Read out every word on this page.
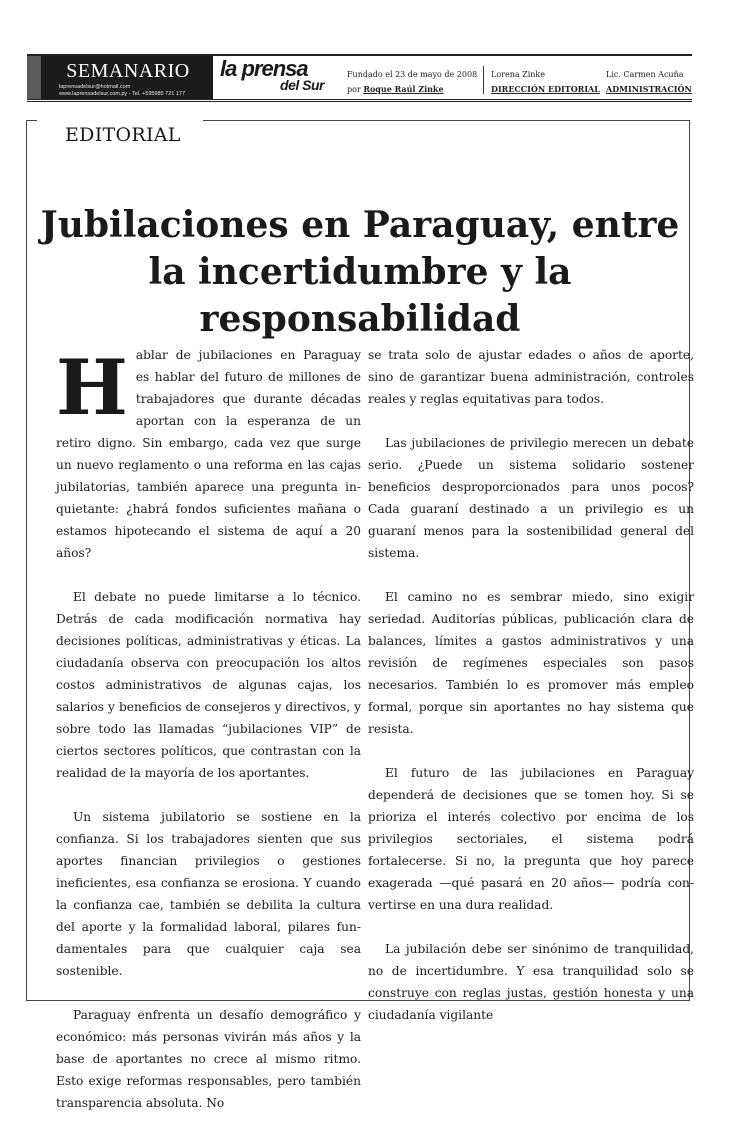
SEMANARIO
laprensadelsur@hotmail.com
www.laprensadelsur.com.py - Tel. +595985 721 177
la prensa
del Sur
Fundado el 23 de mayo de 2008
por Roque Raúl Zinke
Lorena Zinke
DIRECCIÓN EDITORIAL
Lic. Carmen Acuña
ADMINISTRACIÓN
EDITORIAL
Jubilaciones en Paraguay, entre la incertidumbre y la responsabilidad

Hablar de jubilaciones en Paraguay es hablar del futuro de millones de trabajadores que durante décadas aportan con la esperanza de un retiro digno. Sin embargo, cada vez que surge un nuevo reglamento o una reforma en las cajas jubilatorias, también aparece una pregunta inquietante: ¿habrá fondos suficientes mañana o estamos hipotecando el sistema de aquí a 20 años?

El debate no puede limitarse a lo técnico. Detrás de cada modificación normativa hay decisiones políticas, administrativas y éticas. La ciudadanía observa con preocupación los altos costos administrativos de algunas cajas, los salarios y beneficios de consejeros y directivos, y sobre todo las llamadas “jubilaciones VIP” de ciertos sectores políticos, que contrastan con la realidad de la mayoría de los aportantes.

Un sistema jubilatorio se sostiene en la confianza. Si los trabajadores sienten que sus aportes financian privilegios o gestiones ineficientes, esa confianza se erosiona. Y cuando la confianza cae, también se debilita la cultura del aporte y la formalidad laboral, pilares fundamentales para que cualquier caja sea sostenible.

Paraguay enfrenta un desafío demográfico y económico: más personas vivirán más años y la base de aportantes no crece al mismo ritmo. Esto exige reformas responsables, pero también transparencia absoluta. No

se trata solo de ajustar edades o años de aporte, sino de garantizar buena administración, controles reales y reglas equitativas para todos.

Las jubilaciones de privilegio merecen un debate serio. ¿Puede un sistema solidario sostener beneficios desproporcionados para unos pocos? Cada guaraní destinado a un privilegio es un guaraní menos para la sostenibilidad general del sistema.

El camino no es sembrar miedo, sino exigir seriedad. Auditorías públicas, publicación clara de balances, límites a gastos administrativos y una revisión de regímenes especiales son pasos necesarios. También lo es promover más empleo formal, porque sin aportantes no hay sistema que resista.

El futuro de las jubilaciones en Paraguay dependerá de decisiones que se tomen hoy. Si se prioriza el interés colectivo por encima de los privilegios sectoriales, el sistema podrá fortalecerse. Si no, la pregunta que hoy parece exagerada —qué pasará en 20 años— podría convertirse en una dura realidad.

La jubilación debe ser sinónimo de tranquilidad, no de incertidumbre. Y esa tranquilidad solo se construye con reglas justas, gestión honesta y una ciudadanía vigilante
